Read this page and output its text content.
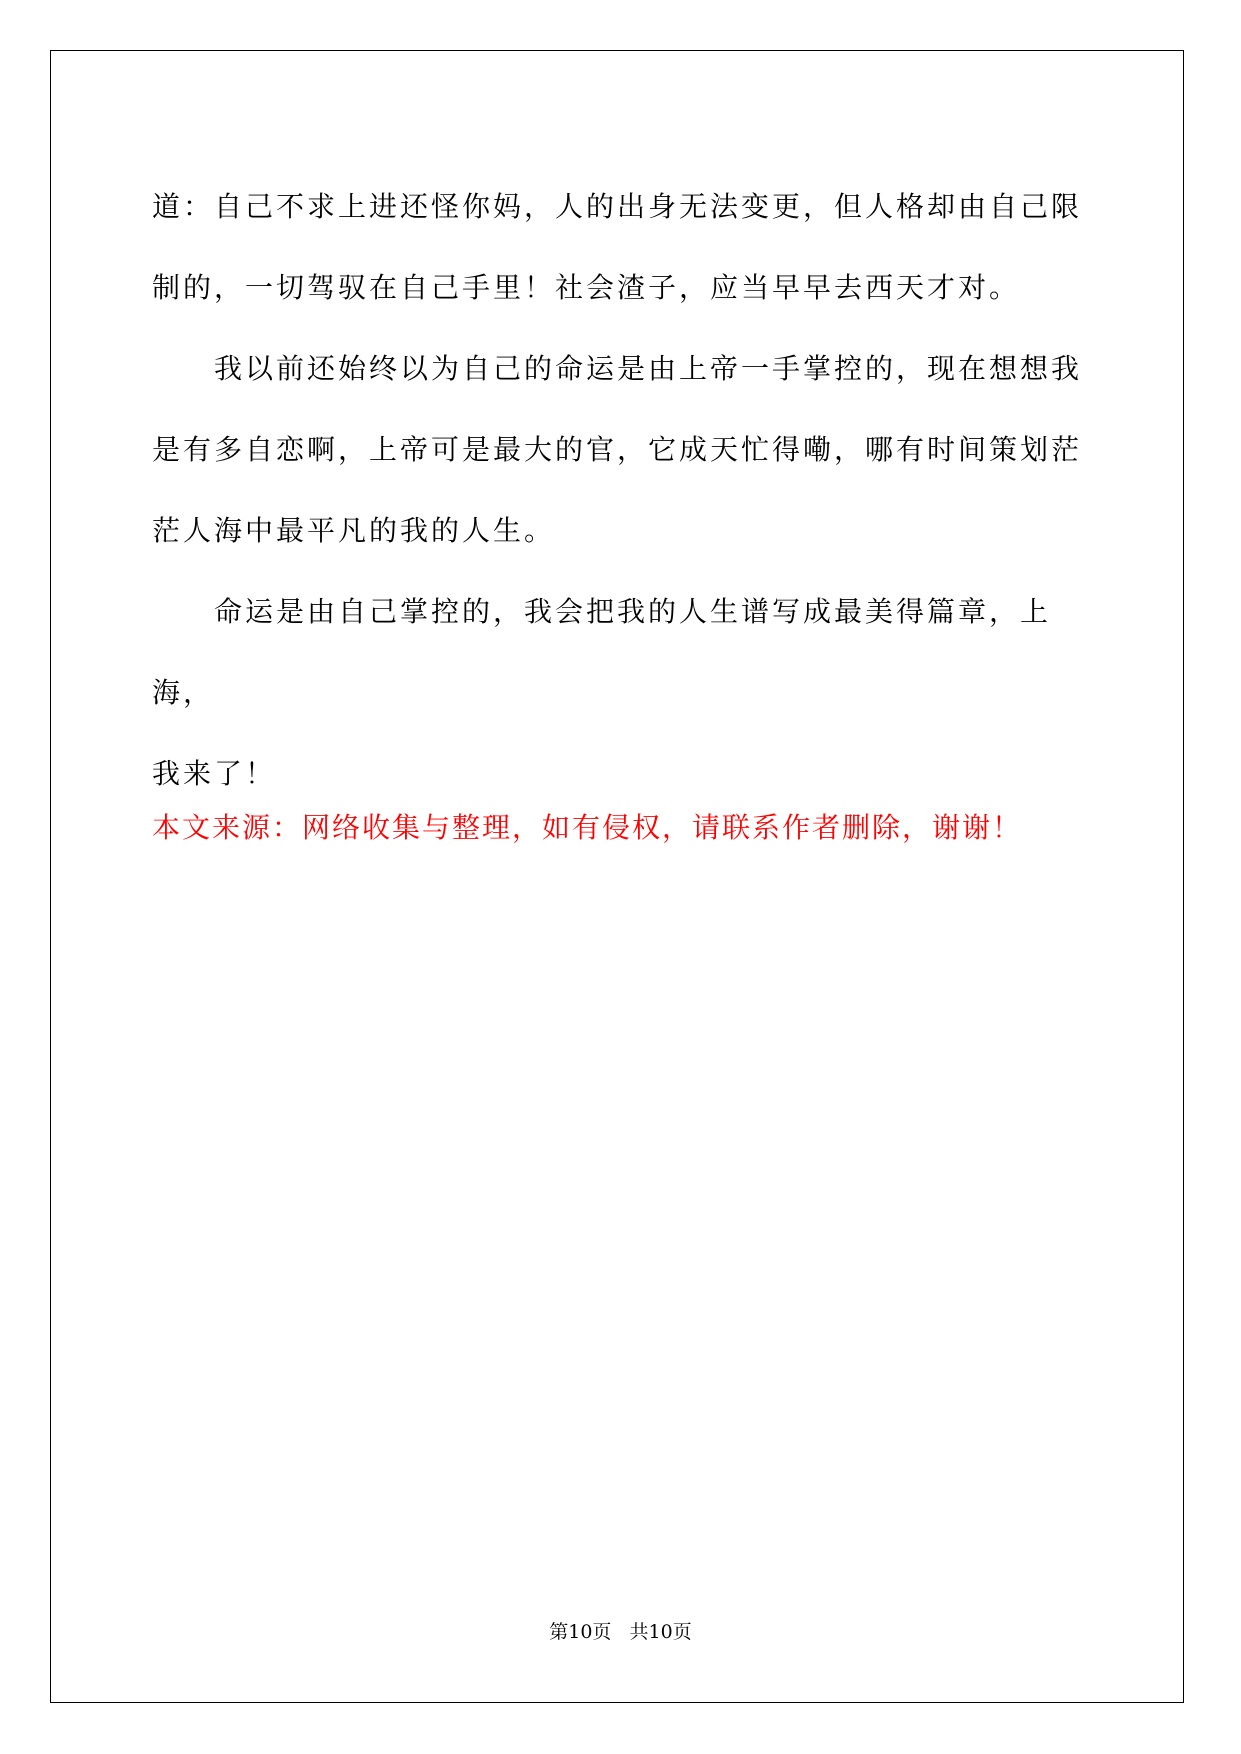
道：自己不求上进还怪你妈，人的出身无法变更，但人格却由自己限

制的，一切驾驭在自己手里！社会渣子，应当早早去西天才对。

我以前还始终以为自己的命运是由上帝一手掌控的，现在想想我

是有多自恋啊，上帝可是最大的官，它成天忙得嘞，哪有时间策划茫

茫人海中最平凡的我的人生。

命运是由自己掌控的，我会把我的人生谱写成最美得篇章，上海，

我来了！

本文来源：网络收集与整理，如有侵权，请联系作者删除，谢谢！

第10页   共10页
